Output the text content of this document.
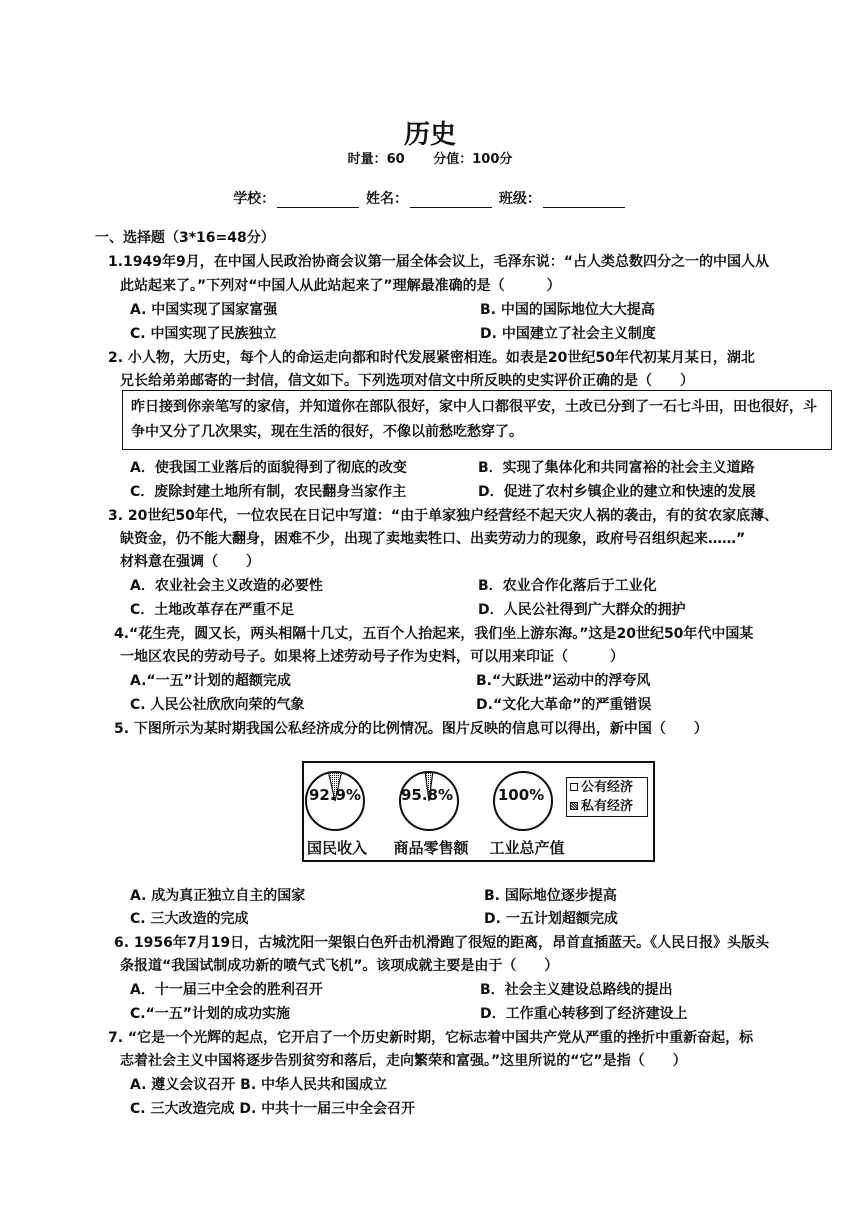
历史
时量：60 分值：100分
学校：	姓名：	班级：
一、选择题（3*16=48分）
1.1949年9月，在中国人民政治协商会议第一届全体会议上，毛泽东说：“占人类总数四分之一的中国人从
此站起来了。”下列对“中国人从此站起来了”理解最准确的是（　　　）
A. 中国实现了国家富强	B. 中国的国际地位大大提高
C. 中国实现了民族独立	D. 中国建立了社会主义制度
2. 小人物，大历史，每个人的命运走向都和时代发展紧密相连。如表是20世纪50年代初某月某日，湖北
兄长给弟弟邮寄的一封信，信文如下。下列选项对信文中所反映的史实评价正确的是（　　）
昨日接到你亲笔写的家信，并知道你在部队很好，家中人口都很平安，土改已分到了一石七斗田，田也很好，斗争中又分了几次果实，现在生活的很好，不像以前愁吃愁穿了。
A．使我国工业落后的面貌得到了彻底的改变	B．实现了集体化和共同富裕的社会主义道路
C．废除封建土地所有制，农民翻身当家作主	D．促进了农村乡镇企业的建立和快速的发展
3. 20世纪50年代，一位农民在日记中写道：“由于单家独户经营经不起天灾人祸的袭击，有的贫农家底薄、
缺资金，仍不能大翻身，困难不少，出现了卖地卖牲口、出卖劳动力的现象，政府号召组织起来……”
材料意在强调（　　）
A．农业社会主义改造的必要性	B．农业合作化落后于工业化
C．土地改革存在严重不足	D．人民公社得到广大群众的拥护
4.“花生壳，圆又长，两头相隔十几丈，五百个人抬起来，我们坐上游东海。”这是20世纪50年代中国某
一地区农民的劳动号子。如果将上述劳动号子作为史料，可以用来印证（　　　）
A.“一五”计划的超额完成	B.“大跃进”运动中的浮夸风
C. 人民公社欣欣向荣的气象	D.“文化大革命”的严重错误
5. 下图所示为某时期我国公私经济成分的比例情况。图片反映的信息可以得出，新中国（　　）
92.9%	95.8%	100%
国民收入	商品零售额	工业总产值
公有经济
私有经济
A. 成为真正独立自主的国家	B. 国际地位逐步提高
C. 三大改造的完成	D. 一五计划超额完成
6. 1956年7月19日，古城沈阳一架银白色歼击机滑跑了很短的距离，昂首直插蓝天。《人民日报》头版头
条报道“我国试制成功新的喷气式飞机”。该项成就主要是由于（　　）
A．十一届三中全会的胜利召开	B．社会主义建设总路线的提出
C.“一五”计划的成功实施	D．工作重心转移到了经济建设上
7. “它是一个光辉的起点，它开启了一个历史新时期，它标志着中国共产党从严重的挫折中重新奋起，标
志着社会主义中国将逐步告别贫穷和落后，走向繁荣和富强。”这里所说的“它”是指（　　）
A. 遵义会议召开 B. 中华人民共和国成立
C. 三大改造完成 D. 中共十一届三中全会召开
